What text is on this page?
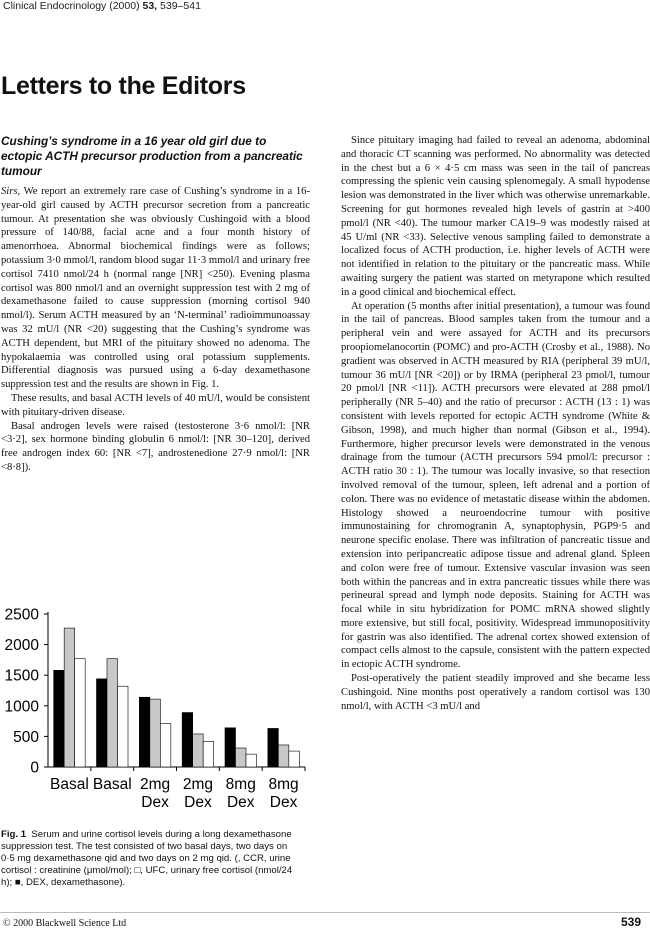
Clinical Endocrinology (2000) 53, 539–541
Letters to the Editors
Cushing’s syndrome in a 16 year old girl due to ectopic ACTH precursor production from a pancreatic tumour

Sirs, We report an extremely rare case of Cushing’s syndrome in a 16-year-old girl caused by ACTH precursor secretion from a pancreatic tumour. At presentation she was obviously Cushingoid with a blood pressure of 140/88, facial acne and a four month history of amenorrhoea. Abnormal biochemical findings were as follows; potassium 3·0 mmol/l, random blood sugar 11·3 mmol/l and urinary free cortisol 7410 nmol/24 h (normal range [NR] <250). Evening plasma cortisol was 800 nmol/l and an overnight suppression test with 2 mg of dexamethasone failed to cause suppression (morning cortisol 940 nmol/l). Serum ACTH measured by an ‘N-terminal’ radioimmunoassay was 32 mU/l (NR <20) suggesting that the Cushing’s syndrome was ACTH dependent, but MRI of the pituitary showed no adenoma. The hypokalaemia was controlled using oral potassium supplements. Differential diagnosis was pursued using a 6-day dexamethasone suppression test and the results are shown in Fig. 1.

These results, and basal ACTH levels of 40 mU/l, would be consistent with pituitary-driven disease.

Basal androgen levels were raised (testosterone 3·6 nmol/l: [NR <3·2], sex hormone binding globulin 6 nmol/l: [NR 30–120], derived free androgen index 60: [NR <7], androstenedione 27·9 nmol/l: [NR <8·8]).

0
500
1000
1500
2000
2500
Basal Basal 2mg
Dex
2mg
Dex
8mg
Dex
8mg
Dex

Fig. 1 Serum and urine cortisol levels during a long dexamethasone suppression test. The test consisted of two basal days, two days on 0·5 mg dexamethasone qid and two days on 2 mg qid. (, CCR, urine cortisol : creatinine (μmol/mol); □, UFC, urinary free cortisol (nmol/24 h); ■, DEX, dexamethasone).

Since pituitary imaging had failed to reveal an adenoma, abdominal and thoracic CT scanning was performed. No abnormality was detected in the chest but a 6 × 4·5 cm mass was seen in the tail of pancreas compressing the splenic vein causing splenomegaly. A small hypodense lesion was demonstrated in the liver which was otherwise unremarkable. Screening for gut hormones revealed high levels of gastrin at >400 pmol/l (NR <40). The tumour marker CA19–9 was modestly raised at 45 U/ml (NR <33). Selective venous sampling failed to demonstrate a localized focus of ACTH production, i.e. higher levels of ACTH were not identified in relation to the pituitary or the pancreatic mass. While awaiting surgery the patient was started on metyrapone which resulted in a good clinical and biochemical effect.

At operation (5 months after initial presentation), a tumour was found in the tail of pancreas. Blood samples taken from the tumour and a peripheral vein and were assayed for ACTH and its precursors proopiomelanocortin (POMC) and pro-ACTH (Crosby et al., 1988). No gradient was observed in ACTH measured by RIA (peripheral 39 mU/l, tumour 36 mU/l [NR <20]) or by IRMA (peripheral 23 pmol/l, tumour 20 pmol/l [NR <11]). ACTH precursors were elevated at 288 pmol/l peripherally (NR 5–40) and the ratio of precursor : ACTH (13 : 1) was consistent with levels reported for ectopic ACTH syndrome (White & Gibson, 1998), and much higher than normal (Gibson et al., 1994). Furthermore, higher precursor levels were demonstrated in the venous drainage from the tumour (ACTH precursors 594 pmol/l: precursor : ACTH ratio 30 : 1). The tumour was locally invasive, so that resection involved removal of the tumour, spleen, left adrenal and a portion of colon. There was no evidence of metastatic disease within the abdomen. Histology showed a neuroendocrine tumour with positive immunostaining for chromogranin A, synaptophysin, PGP9·5 and neurone specific enolase. There was infiltration of pancreatic tissue and extension into peripancreatic adipose tissue and adrenal gland. Spleen and colon were free of tumour. Extensive vascular invasion was seen both within the pancreas and in extra pancreatic tissues while there was perineural spread and lymph node deposits. Staining for ACTH was focal while in situ hybridization for POMC mRNA showed slightly more extensive, but still focal, positivity. Widespread immunopositivity for gastrin was also identified. The adrenal cortex showed extension of compact cells almost to the capsule, consistent with the pattern expected in ectopic ACTH syndrome.

Post-operatively the patient steadily improved and she became less Cushingoid. Nine months post operatively a random cortisol was 130 nmol/l, with ACTH <3 mU/l and

© 2000 Blackwell Science Ltd	539
